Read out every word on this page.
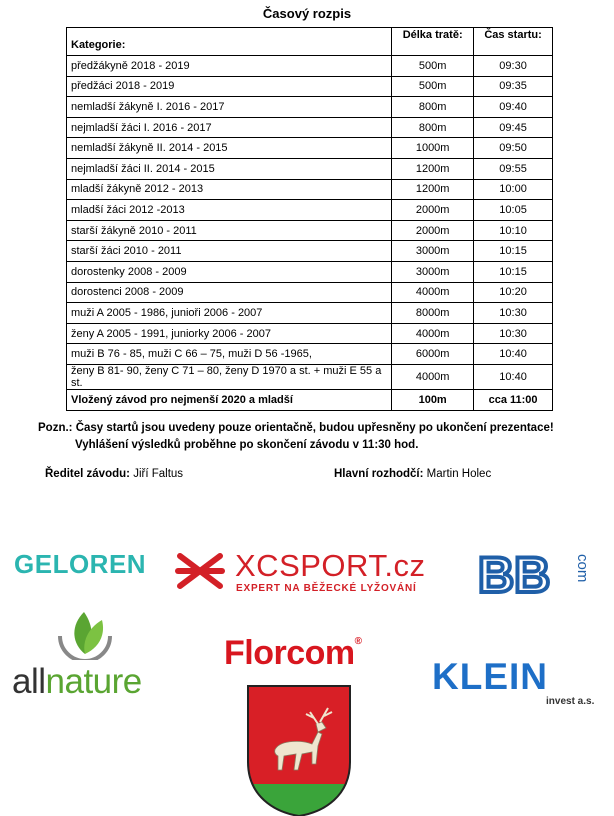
Časový rozpis
Kategorie:	Délka tratě:	Čas startu:
předžákyně 2018 - 2019	500m	09:30
předžáci 2018 - 2019	500m	09:35
nemladší žákyně I. 2016 - 2017	800m	09:40
nejmladší žáci I. 2016 - 2017	800m	09:45
nemladší žákyně II. 2014 - 2015	1000m	09:50
nejmladší žáci II. 2014 - 2015	1200m	09:55
mladší žákyně 2012 - 2013	1200m	10:00
mladší žáci 2012 -2013	2000m	10:05
starší žákyně 2010 - 2011	2000m	10:10
starší žáci 2010 - 2011	3000m	10:15
dorostenky 2008 - 2009	3000m	10:15
dorostenci 2008 - 2009	4000m	10:20
muži A 2005 - 1986, junioři 2006 - 2007	8000m	10:30
ženy A 2005 - 1991, juniorky 2006 - 2007	4000m	10:30
muži B 76 - 85, muži C 66 – 75, muži D 56 -1965,	6000m	10:40
ženy B 81- 90, ženy C 71 – 80, ženy D 1970 a st. + muži E 55 a st.	4000m	10:40
Vložený závod pro nejmenší 2020 a mladší	100m	cca 11:00
Pozn.: Časy startů jsou uvedeny pouze orientačně, budou upřesněny po ukončení prezentace!
Vyhlášení výsledků proběhne po skončení závodu v 11:30 hod.
Ředitel závodu: Jiří Faltus	Hlavní rozhodčí: Martin Holec
GELOREN	XCSPORT.cz
EXPERT NA BĚŽECKÉ LYŽOVÁNÍ BB com
allnature
Florcom®
KLEIN
invest a.s.
